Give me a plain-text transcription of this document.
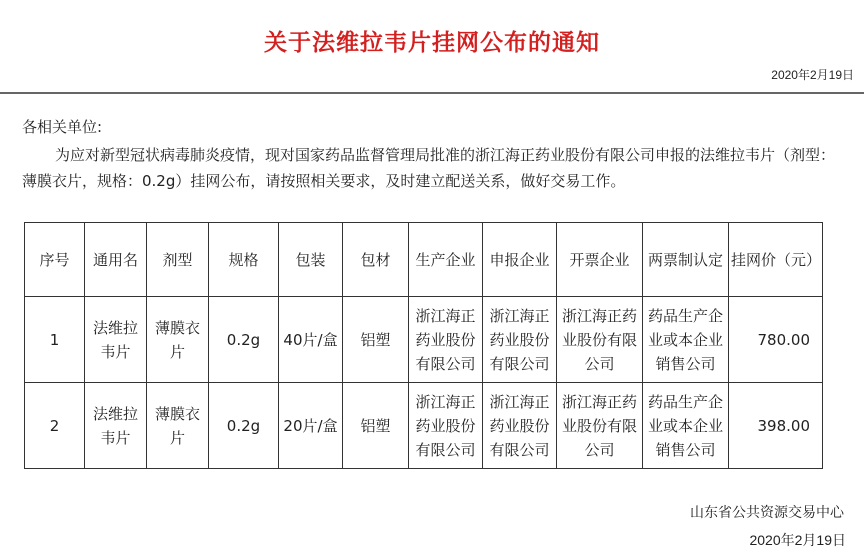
关于法维拉韦片挂网公布的通知
2020年2月19日
各相关单位:
为应对新型冠状病毒肺炎疫情，现对国家药品监督管理局批准的浙江海正药业股份有限公司申报的法维拉韦片（剂型：薄膜衣片，规格：0.2g）挂网公布，请按照相关要求，及时建立配送关系，做好交易工作。
序号	通用名	剂型	规格	包装	包材	生产企业	申报企业	开票企业	两票制认定	挂网价（元）
1	法维拉韦片	薄膜衣片	0.2g	40片/盒	铝塑	浙江海正药业股份有限公司	浙江海正药业股份有限公司	浙江海正药业股份有限公司	药品生产企业或本企业销售公司	780.00
2	法维拉韦片	薄膜衣片	0.2g	20片/盒	铝塑	浙江海正药业股份有限公司	浙江海正药业股份有限公司	浙江海正药业股份有限公司	药品生产企业或本企业销售公司	398.00
山东省公共资源交易中心
2020年2月19日
